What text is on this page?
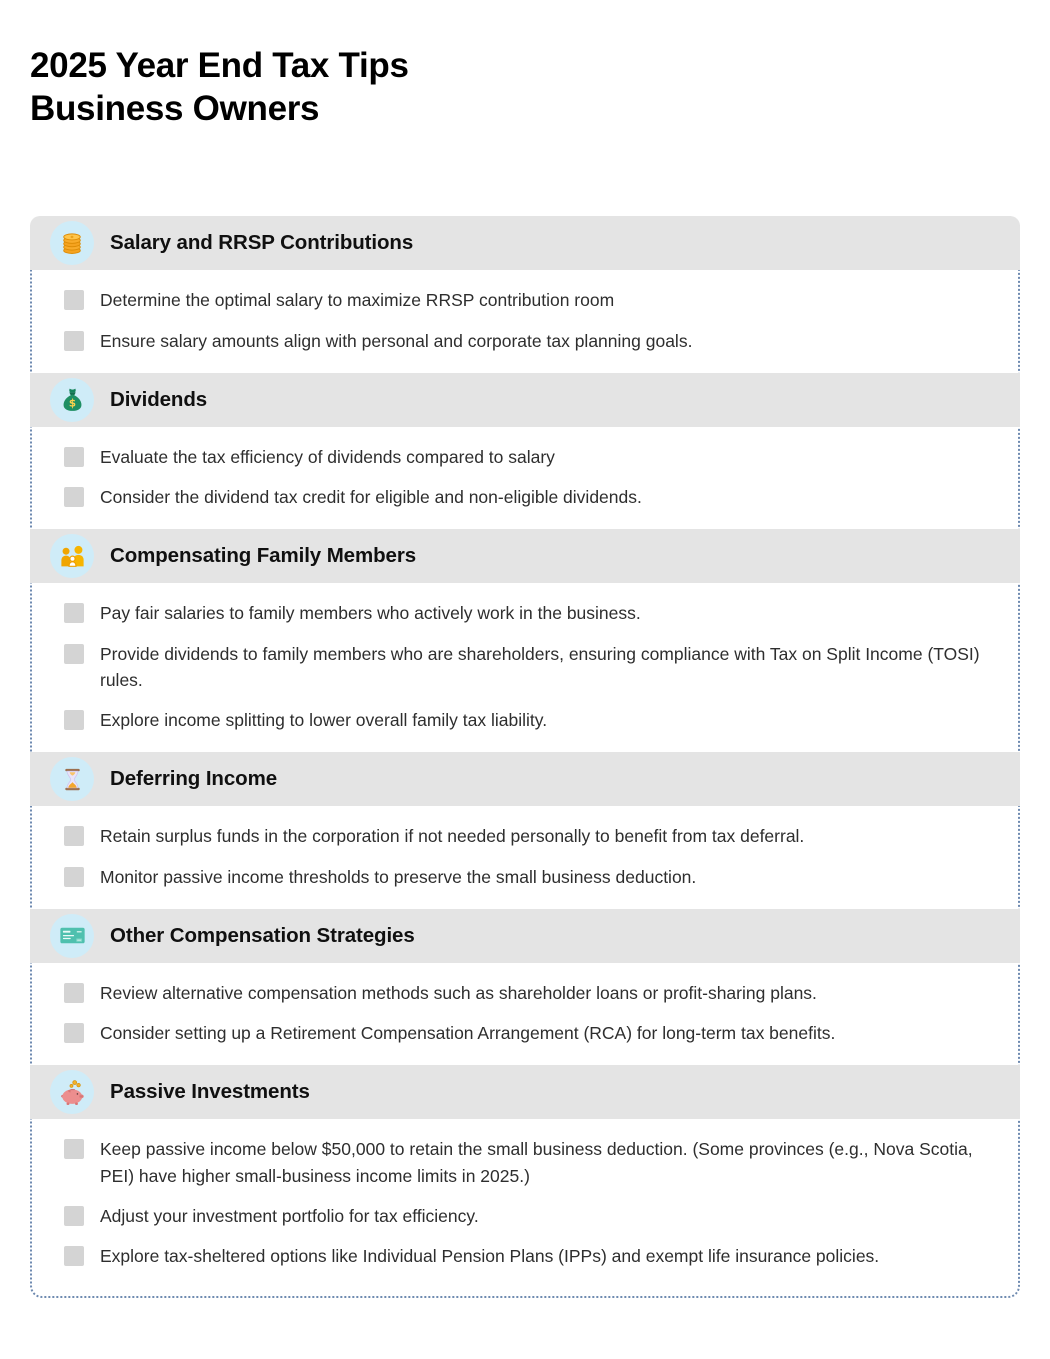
2025 Year End Tax Tips
Business Owners
Salary and RRSP Contributions
Determine the optimal salary to maximize RRSP contribution room
Ensure salary amounts align with personal and corporate tax planning goals.
$ Dividends
Evaluate the tax efficiency of dividends compared to salary
Consider the dividend tax credit for eligible and non-eligible dividends.
Compensating Family Members
Pay fair salaries to family members who actively work in the business.
Provide dividends to family members who are shareholders, ensuring compliance with Tax on Split Income (TOSI) rules.
Explore income splitting to lower overall family tax liability.
Deferring Income
Retain surplus funds in the corporation if not needed personally to benefit from tax deferral.
Monitor passive income thresholds to preserve the small business deduction.
Other Compensation Strategies
Review alternative compensation methods such as shareholder loans or profit-sharing plans.
Consider setting up a Retirement Compensation Arrangement (RCA) for long-term tax benefits.
Passive Investments
Keep passive income below $50,000 to retain the small business deduction. (Some provinces (e.g., Nova Scotia, PEI) have higher small-business income limits in 2025.)
Adjust your investment portfolio for tax efficiency.
Explore tax-sheltered options like Individual Pension Plans (IPPs) and exempt life insurance policies.
